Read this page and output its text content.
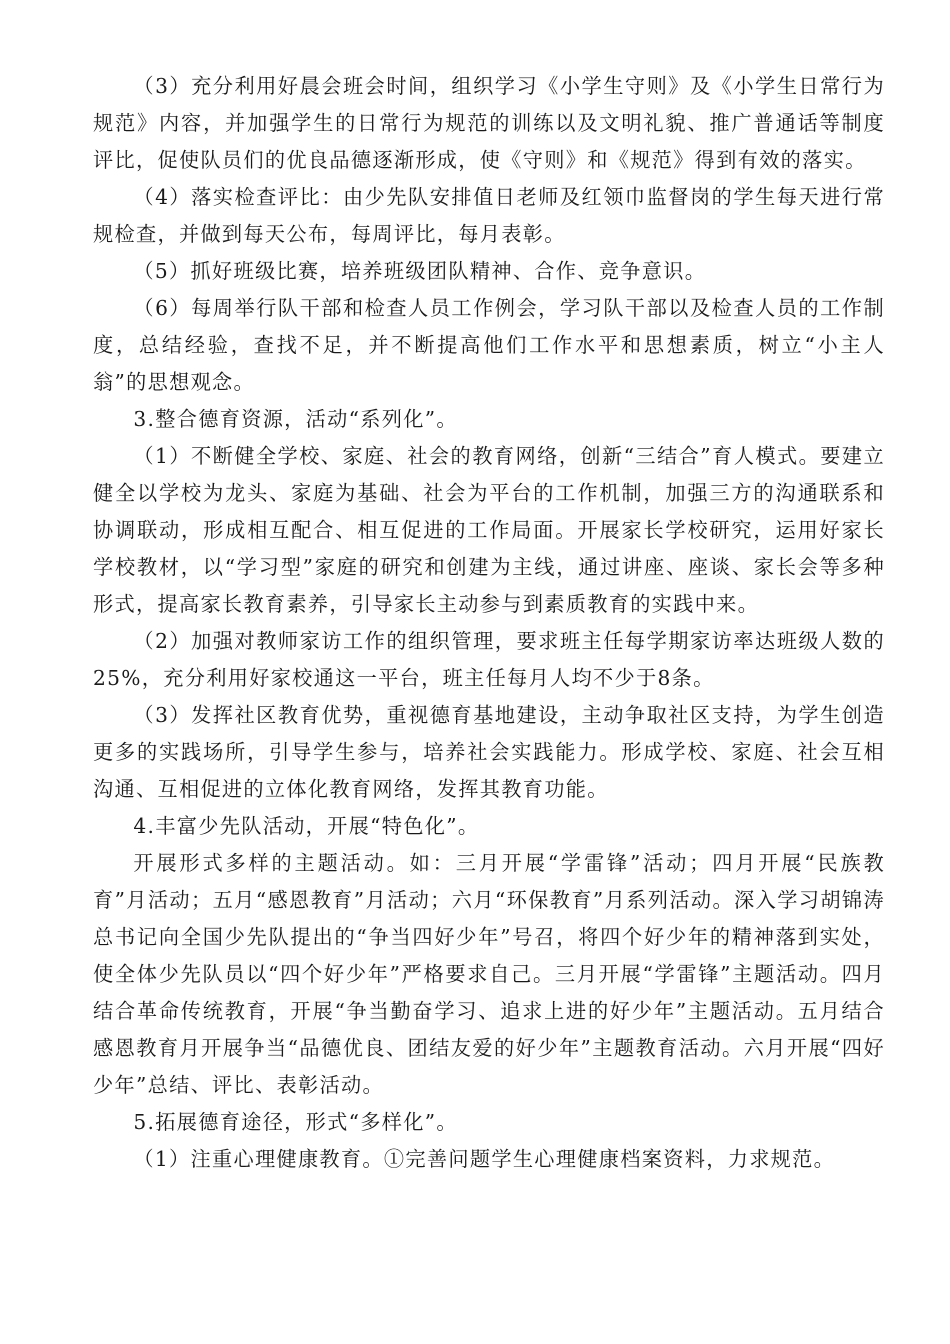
（3）充分利用好晨会班会时间，组织学习《小学生守则》及《小学生日常行为规范》内容，并加强学生的日常行为规范的训练以及文明礼貌、推广普通话等制度评比，促使队员们的优良品德逐渐形成，使《守则》和《规范》得到有效的落实。

（4）落实检查评比：由少先队安排值日老师及红领巾监督岗的学生每天进行常规检查，并做到每天公布，每周评比，每月表彰。

（5）抓好班级比赛，培养班级团队精神、合作、竞争意识。

（6）每周举行队干部和检查人员工作例会，学习队干部以及检查人员的工作制度，总结经验，查找不足，并不断提高他们工作水平和思想素质，树立“小主人翁”的思想观念。

3.整合德育资源，活动“系列化”。

（1）不断健全学校、家庭、社会的教育网络，创新“三结合”育人模式。要建立健全以学校为龙头、家庭为基础、社会为平台的工作机制，加强三方的沟通联系和协调联动，形成相互配合、相互促进的工作局面。开展家长学校研究，运用好家长学校教材，以“学习型”家庭的研究和创建为主线，通过讲座、座谈、家长会等多种形式，提高家长教育素养，引导家长主动参与到素质教育的实践中来。

（2）加强对教师家访工作的组织管理，要求班主任每学期家访率达班级人数的25%，充分利用好家校通这一平台，班主任每月人均不少于8条。

（3）发挥社区教育优势，重视德育基地建设，主动争取社区支持，为学生创造更多的实践场所，引导学生参与，培养社会实践能力。形成学校、家庭、社会互相沟通、互相促进的立体化教育网络，发挥其教育功能。

4.丰富少先队活动，开展“特色化”。

开展形式多样的主题活动。如：三月开展“学雷锋”活动；四月开展“民族教育”月活动；五月“感恩教育”月活动；六月“环保教育”月系列活动。深入学习胡锦涛总书记向全国少先队提出的“争当四好少年”号召，将四个好少年的精神落到实处，使全体少先队员以“四个好少年”严格要求自己。三月开展“学雷锋”主题活动。四月结合革命传统教育，开展“争当勤奋学习、追求上进的好少年”主题活动。五月结合感恩教育月开展争当“品德优良、团结友爱的好少年”主题教育活动。六月开展“四好少年”总结、评比、表彰活动。

5.拓展德育途径，形式“多样化”。

（1）注重心理健康教育。①完善问题学生心理健康档案资料，力求规范。
